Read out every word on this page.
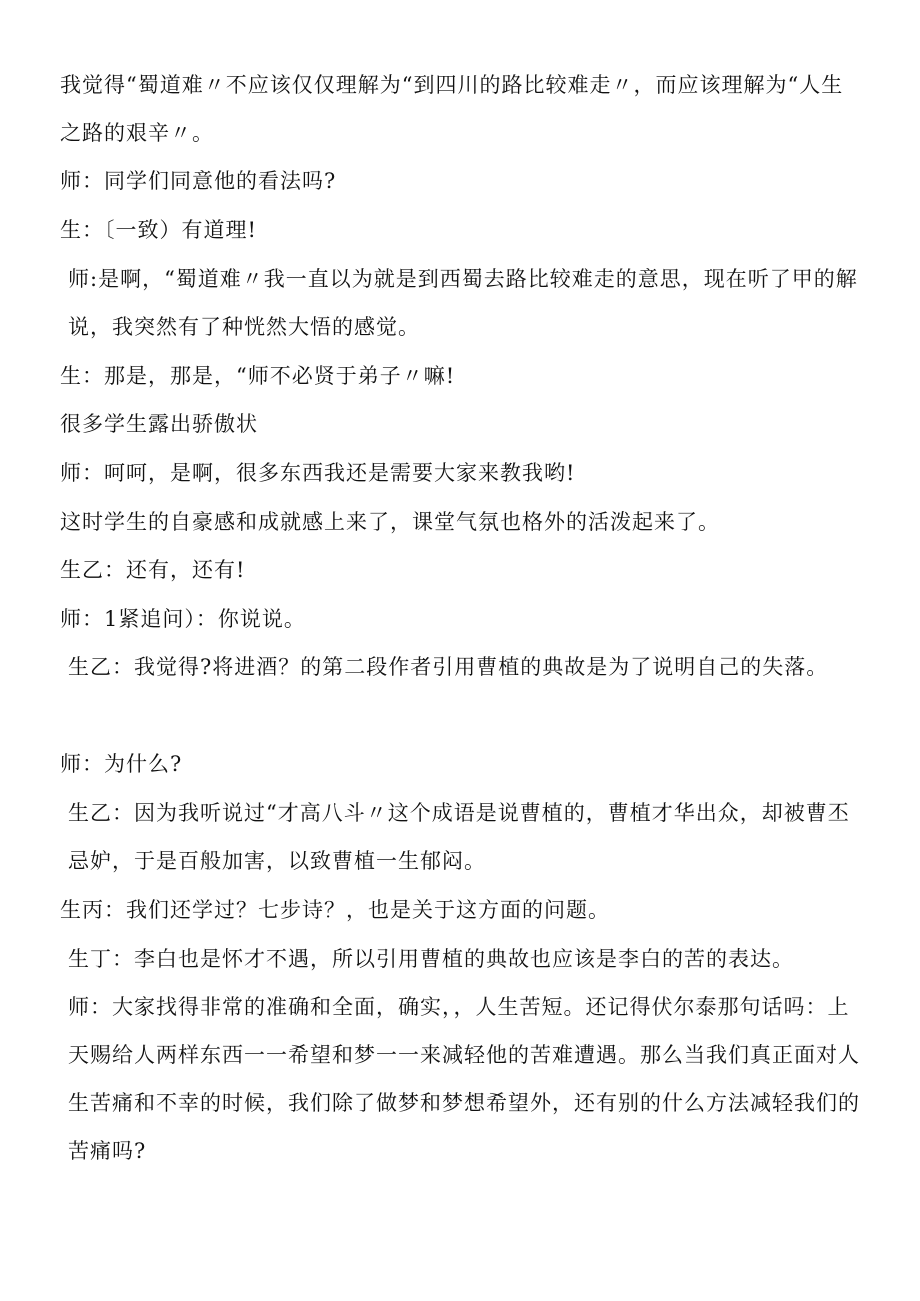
我觉得“蜀道难〃不应该仅仅理解为“到四川的路比较难走〃，而应该理解为“人生之路的艰辛〃。

师：同学们同意他的看法吗?

生：〔一致）有道理!

师:是啊，“蜀道难〃我一直以为就是到西蜀去路比较难走的意思，现在听了甲的解说，我突然有了种恍然大悟的感觉。

生：那是，那是，“师不必贤于弟子〃嘛!

很多学生露出骄傲状

师：呵呵，是啊，很多东西我还是需要大家来教我哟!

这时学生的自豪感和成就感上来了，课堂气氛也格外的活泼起来了。

生乙：还有，还有!

师：1紧追问）：你说说。

生乙：我觉得?将进酒？的第二段作者引用曹植的典故是为了说明自己的失落。

师：为什么?

生乙：因为我听说过“才高八斗〃这个成语是说曹植的，曹植才华出众，却被曹丕忌妒，于是百般加害，以致曹植一生郁闷。

生丙：我们还学过？七步诗？，也是关于这方面的问题。

生丁：李白也是怀才不遇，所以引用曹植的典故也应该是李白的苦的表达。

师：大家找得非常的准确和全面，确实，，人生苦短。还记得伏尔泰那句话吗：上天赐给人两样东西一一希望和梦一一来减轻他的苦难遭遇。那么当我们真正面对人生苦痛和不幸的时候，我们除了做梦和梦想希望外，还有别的什么方法减轻我们的苦痛吗?
